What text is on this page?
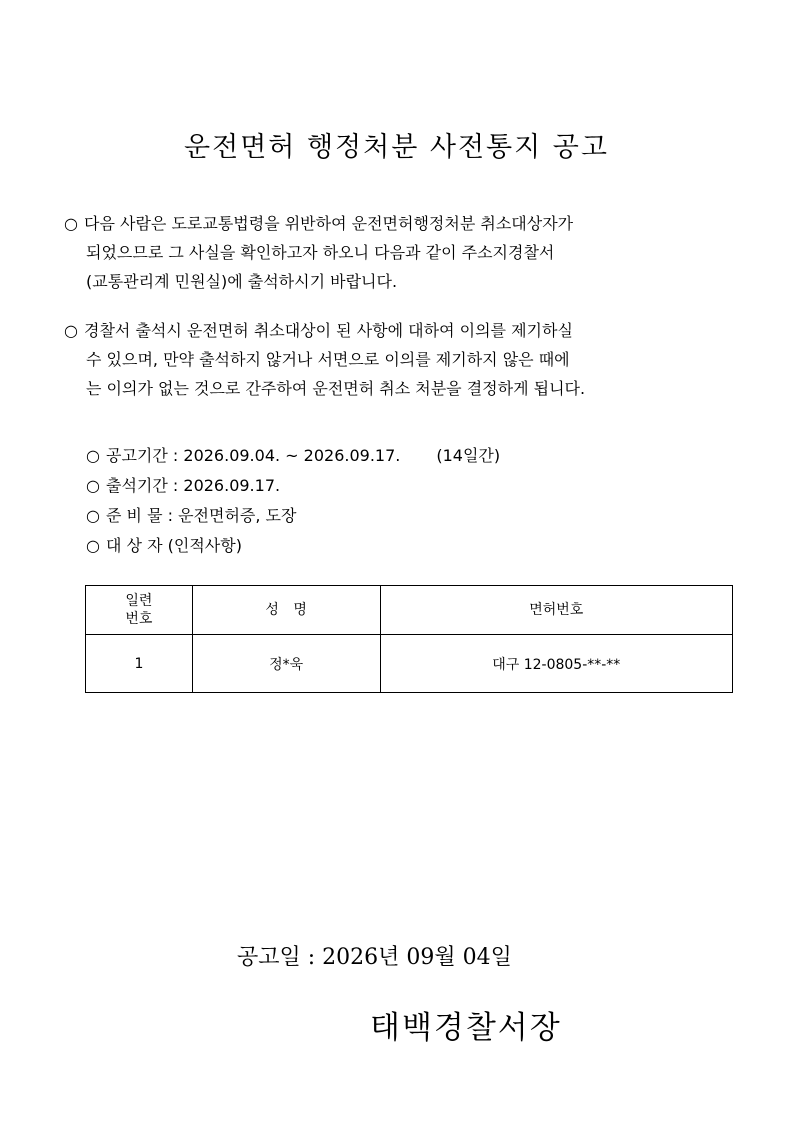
운전면허 행정처분 사전통지 공고
○ 다음 사람은 도로교통법령을 위반하여 운전면허행정처분 취소대상자가
되었으므로 그 사실을 확인하고자 하오니 다음과 같이 주소지경찰서
(교통관리계 민원실)에 출석하시기 바랍니다.
○ 경찰서 출석시 운전면허 취소대상이 된 사항에 대하여 이의를 제기하실
수 있으며, 만약 출석하지 않거나 서면으로 이의를 제기하지 않은 때에
는 이의가 없는 것으로 간주하여 운전면허 취소 처분을 결정하게 됩니다.
○ 공고기간 : 2026.09.04. ~ 2026.09.17. (14일간)
○ 출석기간 : 2026.09.17.
○ 준 비 물 : 운전면허증, 도장
○ 대 상 자 (인적사항)
일련
번호	성 명	면허번호
1	정*욱	대구 12-0805-**-**
공고일 : 2026년 09월 04일
태백경찰서장
